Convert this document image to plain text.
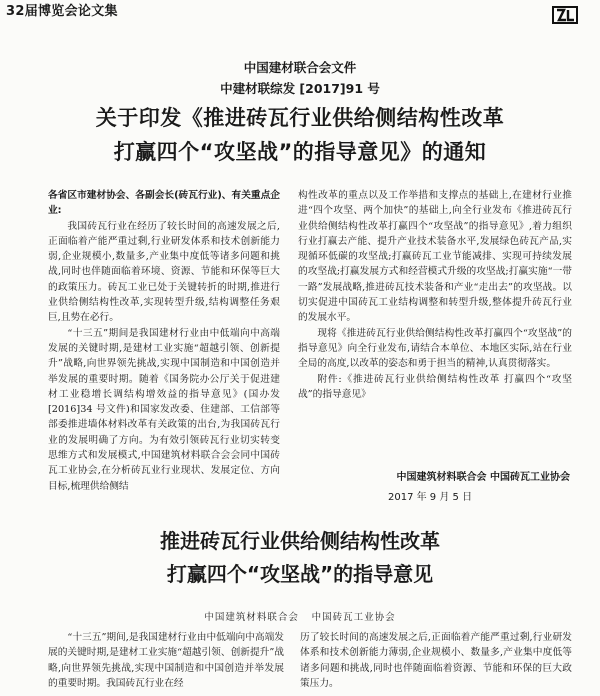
32届博览会论文集
中国建材联合会文件
中建材联综发 [2017]91 号
关于印发《推进砖瓦行业供给侧结构性改革
打赢四个“攻坚战”的指导意见》的通知

各省区市建材协会、各副会长(砖瓦行业)、有关重点企业:

我国砖瓦行业在经历了较长时间的高速发展之后,正面临着产能严重过剩,行业研发体系和技术创新能力弱,企业规模小,数量多,产业集中度低等诸多问题和挑战,同时也伴随面临着环境、资源、节能和环保等巨大的政策压力。砖瓦工业已处于关键转折的时期,推进行业供给侧结构性改革,实现转型升级,结构调整任务艰巨,且势在必行。

“十三五”期间是我国建材行业由中低端向中高端发展的关键时期,是建材工业实施“超越引领、创新提升”战略,向世界领先挑战,实现中国制造和中国创造并举发展的重要时期。随着《国务院办公厅关于促进建材工业稳增长调结构增效益的指导意见》(国办发 [2016]34 号文件)和国家发改委、住建部、工信部等部委推进墙体材料改革有关政策的出台,为我国砖瓦行业的发展明确了方向。为有效引领砖瓦行业切实转变思维方式和发展模式,中国建筑材料联合会会同中国砖瓦工业协会,在分析砖瓦业行业现状、发展定位、方向目标,梳理供给侧结

构性改革的重点以及工作举措和支撑点的基础上,在建材行业推进“四个攻坚、两个加快”的基础上,向全行业发布《推进砖瓦行业供给侧结构性改革打赢四个“攻坚战”的指导意见》,着力组织行业打赢去产能、提升产业技术装备水平,发展绿色砖瓦产品,实现循环低碳的攻坚战;打赢砖瓦工业节能减排、实现可持续发展的攻坚战;打赢发展方式和经营模式升级的攻坚战;打赢实施“一带一路”发展战略,推进砖瓦技术装备和产业“走出去”的攻坚战。以切实促进中国砖瓦工业结构调整和转型升级,整体提升砖瓦行业的发展水平。

现将《推进砖瓦行业供给侧结构性改革打赢四个“攻坚战”的指导意见》向全行业发布,请结合本单位、本地区实际,站在行业全局的高度,以改革的姿态和勇于担当的精神,认真贯彻落实。

附件:《推进砖瓦行业供给侧结构性改革 打赢四个“攻坚战”的指导意见》

中国建筑材料联合会 中国砖瓦工业协会
2017 年 9 月 5 日
推进砖瓦行业供给侧结构性改革
打赢四个“攻坚战”的指导意见
中国建筑材料联合会 中国砖瓦工业协会

“十三五”期间,是我国建材行业由中低端向中高端发展的关键时期,是建材工业实施“超越引领、创新提升”战略,向世界领先挑战,实现中国制造和中国创造并举发展的重要时期。我国砖瓦行业在经

历了较长时间的高速发展之后,正面临着产能严重过剩,行业研发体系和技术创新能力薄弱,企业规模小、数量多,产业集中度低等诸多问题和挑战,同时也伴随面临着资源、节能和环保的巨大政策压力。
